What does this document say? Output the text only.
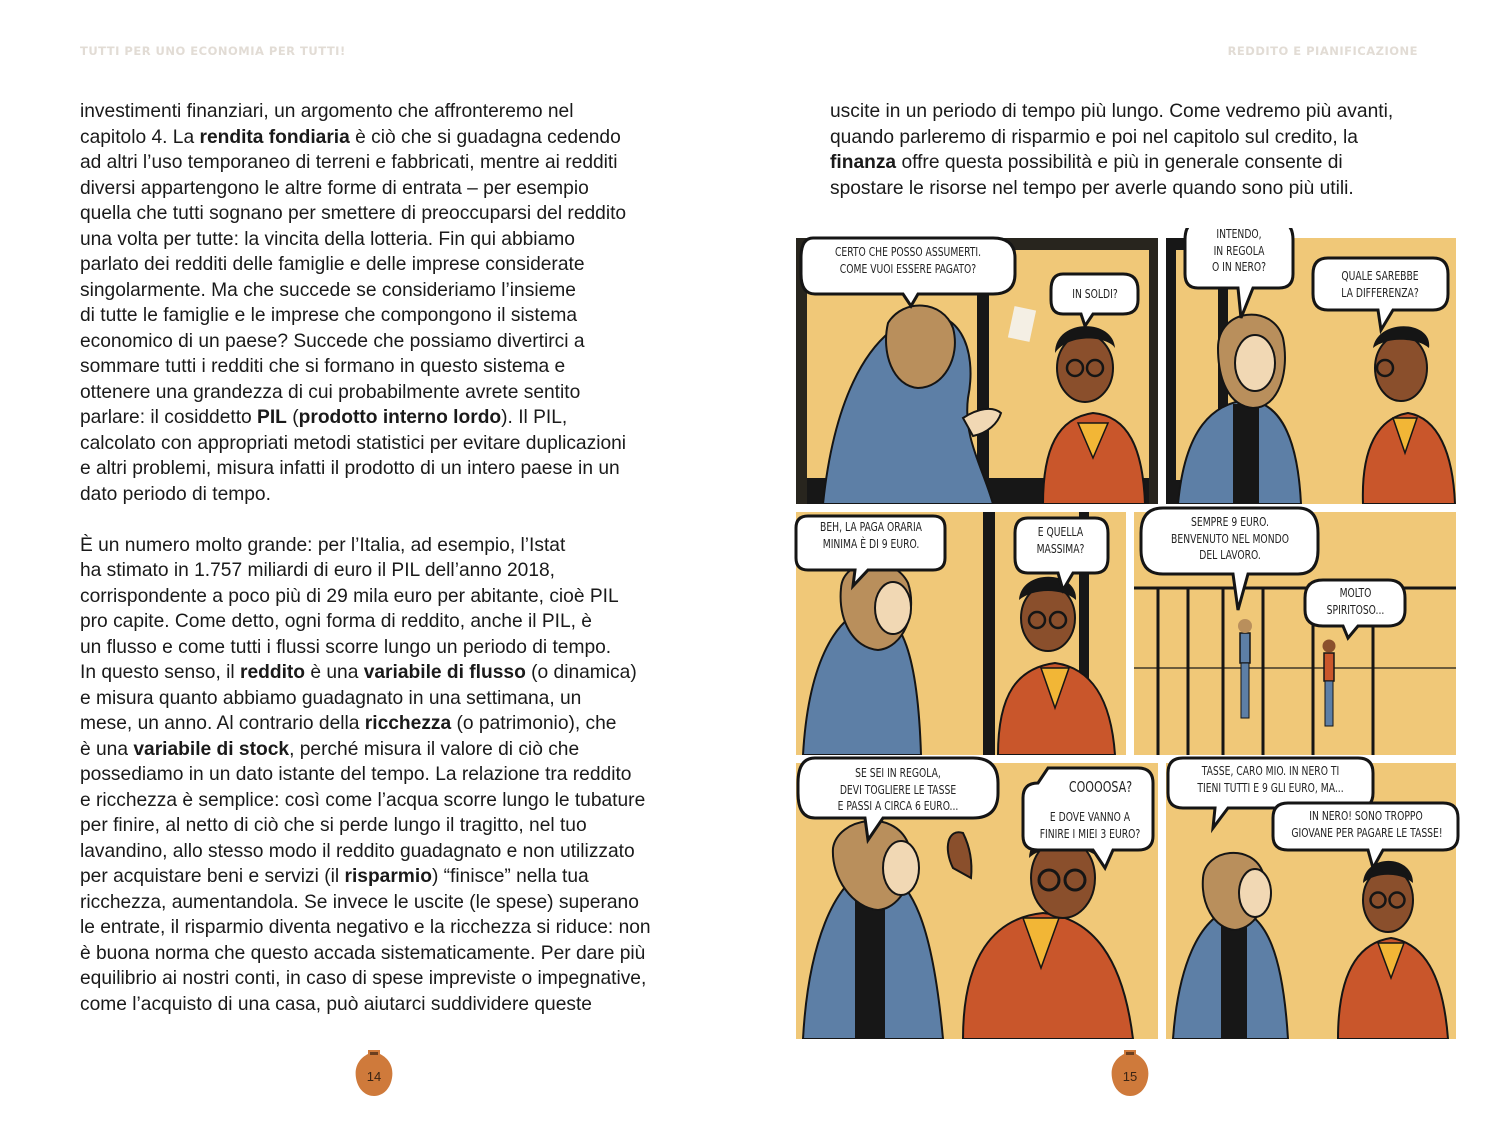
TUTTI PER UNO ECONOMIA PER TUTTI!	REDDITO E PIANIFICAZIONE
investimenti finanziari, un argomento che affronteremo nel
capitolo 4. La rendita fondiaria è ciò che si guadagna cedendo
ad altri l’uso temporaneo di terreni e fabbricati, mentre ai redditi
diversi appartengono le altre forme di entrata – per esempio
quella che tutti sognano per smettere di preoccuparsi del reddito
una volta per tutte: la vincita della lotteria. Fin qui abbiamo
parlato dei redditi delle famiglie e delle imprese considerate
singolarmente. Ma che succede se consideriamo l’insieme
di tutte le famiglie e le imprese che compongono il sistema
economico di un paese? Succede che possiamo divertirci a
sommare tutti i redditi che si formano in questo sistema e
ottenere una grandezza di cui probabilmente avrete sentito
parlare: il cosiddetto PIL (prodotto interno lordo). Il PIL,
calcolato con appropriati metodi statistici per evitare duplicazioni
e altri problemi, misura infatti il prodotto di un intero paese in un
dato periodo di tempo.
È un numero molto grande: per l’Italia, ad esempio, l’Istat
ha stimato in 1.757 miliardi di euro il PIL dell’anno 2018,
corrispondente a poco più di 29 mila euro per abitante, cioè PIL
pro capite. Come detto, ogni forma di reddito, anche il PIL, è
un flusso e come tutti i flussi scorre lungo un periodo di tempo.
In questo senso, il reddito è una variabile di flusso (o dinamica)
e misura quanto abbiamo guadagnato in una settimana, un
mese, un anno. Al contrario della ricchezza (o patrimonio), che
è una variabile di stock, perché misura il valore di ciò che
possediamo in un dato istante del tempo. La relazione tra reddito
e ricchezza è semplice: così come l’acqua scorre lungo le tubature
per finire, al netto di ciò che si perde lungo il tragitto, nel tuo
lavandino, allo stesso modo il reddito guadagnato e non utilizzato
per acquistare beni e servizi (il risparmio) “finisce” nella tua
ricchezza, aumentandola. Se invece le uscite (le spese) superano
le entrate, il risparmio diventa negativo e la ricchezza si riduce: non
è buona norma che questo accada sistematicamente. Per dare più
equilibrio ai nostri conti, in caso di spese impreviste o impegnative,
come l’acquisto di una casa, può aiutarci suddividere queste
uscite in un periodo di tempo più lungo. Come vedremo più avanti,
quando parleremo di risparmio e poi nel capitolo sul credito, la
finanza offre questa possibilità e più in generale consente di
spostare le risorse nel tempo per averle quando sono più utili.
CERTO CHE POSSO ASSUMERTI.
COME VUOI ESSERE PAGATO?
IN SOLDI?
INTENDO,
IN REGOLA
O IN NERO?
QUALE SAREBBE
LA DIFFERENZA?
BEH, LA PAGA ORARIA
MINIMA È DI 9 EURO.
E QUELLA
MASSIMA?
SEMPRE 9 EURO.
BENVENUTO NEL MONDO
DEL LAVORO.
MOLTO
SPIRITOSO...
SE SEI IN REGOLA,
DEVI TOGLIERE LE TASSE
E PASSI A CIRCA 6 EURO...
COOOOSA?
E DOVE VANNO A
FINIRE I MIEI 3 EURO?
TASSE, CARO MIO. IN NERO TI
TIENI TUTTI E 9 GLI EURO, MA...
IN NERO! SONO TROPPO
GIOVANE PER PAGARE LE TASSE!
14	15
